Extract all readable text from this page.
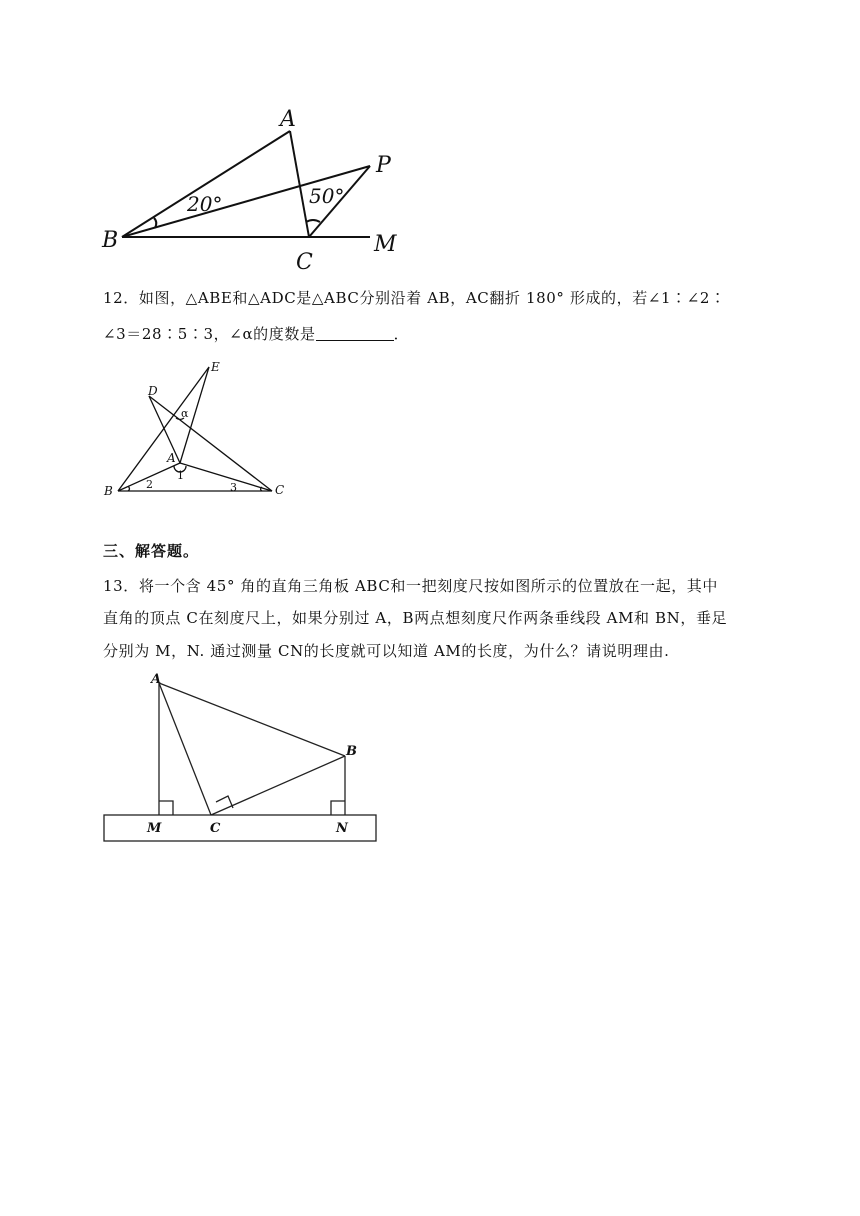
A
B
C
P
M
20°	50°
12．如图，△ABE和△ADC是△ABC分别沿着 AB，AC翻折 180° 形成的，若∠1∶∠2∶
∠3＝28∶5∶3，∠α的度数是	．
D
E
A
B	C
α
1
2	3
三、解答题。
13．将一个含 45° 角的直角三角板 ABC和一把刻度尺按如图所示的位置放在一起，其中
直角的顶点 C在刻度尺上，如果分别过 A，B两点想刻度尺作两条垂线段 AM和 BN，垂足
分别为 M，N. 通过测量 CN的长度就可以知道 AM的长度，为什么？请说明理由.
A
B
C
M	N
